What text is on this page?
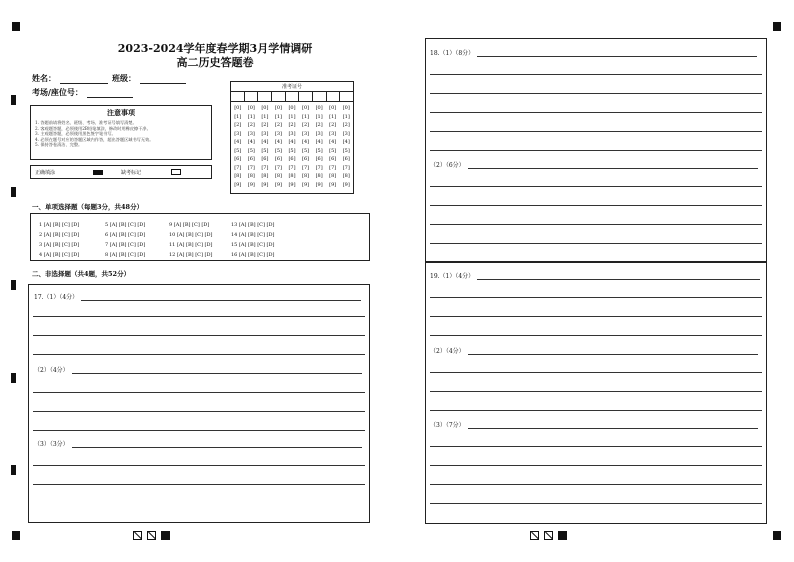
2023-2024学年度春学期3月学情调研
高二历史答题卷
姓名：	班级：
考场/座位号：
注意事项

1. 答题前请将姓名、班级、考场、准考证号填写清楚。

2. 客观题答题，必须使用2B铅笔填涂，修改时用橡皮擦干净。

3. 主观题答题，必须使用黑色签字笔书写。

4. 必须在题号对应的答题区域内作答，超出答题区域书写无效。

5. 保持答卷清洁、完整。

正确填涂	缺考标记
准考证号
[0]
[1]
[2]
[3]
[4]
[5]
[6]
[7]
[8]
[9]
[0]
[1]
[2]
[3]
[4]
[5]
[6]
[7]
[8]
[9]
[0]
[1]
[2]
[3]
[4]
[5]
[6]
[7]
[8]
[9]
[0]
[1]
[2]
[3]
[4]
[5]
[6]
[7]
[8]
[9]
[0]
[1]
[2]
[3]
[4]
[5]
[6]
[7]
[8]
[9]
[0]
[1]
[2]
[3]
[4]
[5]
[6]
[7]
[8]
[9]
[0]
[1]
[2]
[3]
[4]
[5]
[6]
[7]
[8]
[9]
[0]
[1]
[2]
[3]
[4]
[5]
[6]
[7]
[8]
[9]
[0]
[1]
[2]
[3]
[4]
[5]
[6]
[7]
[8]
[9]
一、单项选择题（每题3分，共48分）
1 [A] [B] [C] [D]
2 [A] [B] [C] [D]
3 [A] [B] [C] [D]
4 [A] [B] [C] [D]
5 [A] [B] [C] [D]
6 [A] [B] [C] [D]
7 [A] [B] [C] [D]
8 [A] [B] [C] [D]
9 [A] [B] [C] [D]
10 [A] [B] [C] [D]
11 [A] [B] [C] [D]
12 [A] [B] [C] [D]
13 [A] [B] [C] [D]
14 [A] [B] [C] [D]
15 [A] [B] [C] [D]
16 [A] [B] [C] [D]
二、非选择题（共4题，共52分）
17.（1）（4分）
（2）（4分）
（3）（3分）
18.（1）（8分）
（2）（6分）
19.（1）（4分）
（2）（4分）
（3）（7分）
